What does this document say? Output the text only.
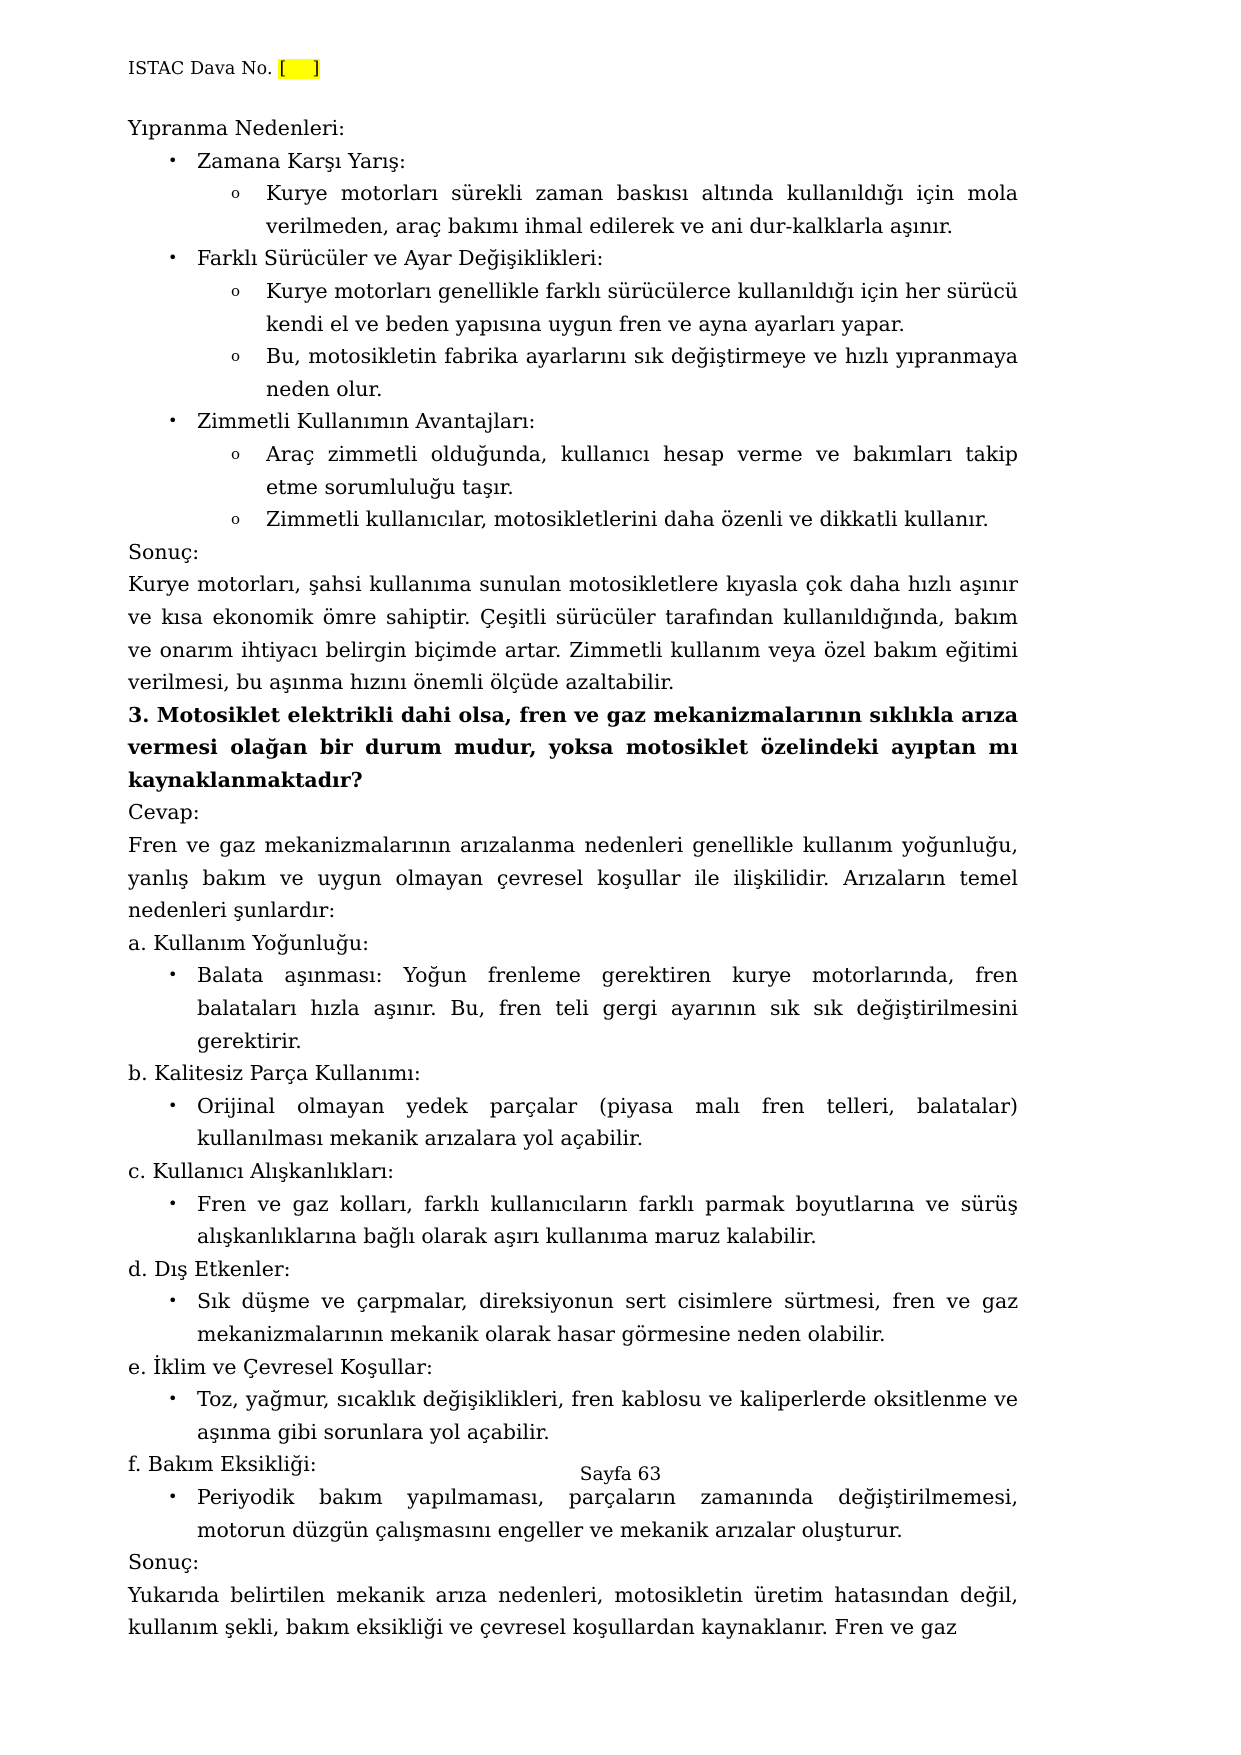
ISTAC Dava No. [ ]

Yıpranma Nedenleri:

• Zamana Karşı Yarış:
o Kurye motorları sürekli zaman baskısı altında kullanıldığı için mola verilmeden, araç bakımı ihmal edilerek ve ani dur-kalklarla aşınır.
• Farklı Sürücüler ve Ayar Değişiklikleri:
o Kurye motorları genellikle farklı sürücülerce kullanıldığı için her sürücü kendi el ve beden yapısına uygun fren ve ayna ayarları yapar.
o Bu, motosikletin fabrika ayarlarını sık değiştirmeye ve hızlı yıpranmaya neden olur.
• Zimmetli Kullanımın Avantajları:
o Araç zimmetli olduğunda, kullanıcı hesap verme ve bakımları takip etme sorumluluğu taşır.
o Zimmetli kullanıcılar, motosikletlerini daha özenli ve dikkatli kullanır.

Sonuç:

Kurye motorları, şahsi kullanıma sunulan motosikletlere kıyasla çok daha hızlı aşınır ve kısa ekonomik ömre sahiptir. Çeşitli sürücüler tarafından kullanıldığında, bakım ve onarım ihtiyacı belirgin biçimde artar. Zimmetli kullanım veya özel bakım eğitimi verilmesi, bu aşınma hızını önemli ölçüde azaltabilir.

3. Motosiklet elektrikli dahi olsa, fren ve gaz mekanizmalarının sıklıkla arıza vermesi olağan bir durum mudur, yoksa motosiklet özelindeki ayıptan mı kaynaklanmaktadır?

Cevap:

Fren ve gaz mekanizmalarının arızalanma nedenleri genellikle kullanım yoğunluğu, yanlış bakım ve uygun olmayan çevresel koşullar ile ilişkilidir. Arızaların temel nedenleri şunlardır:

a. Kullanım Yoğunluğu:

• Balata aşınması: Yoğun frenleme gerektiren kurye motorlarında, fren balataları hızla aşınır. Bu, fren teli gergi ayarının sık sık değiştirilmesini gerektirir.

b. Kalitesiz Parça Kullanımı:

• Orijinal olmayan yedek parçalar (piyasa malı fren telleri, balatalar) kullanılması mekanik arızalara yol açabilir.

c. Kullanıcı Alışkanlıkları:

• Fren ve gaz kolları, farklı kullanıcıların farklı parmak boyutlarına ve sürüş alışkanlıklarına bağlı olarak aşırı kullanıma maruz kalabilir.

d. Dış Etkenler:

• Sık düşme ve çarpmalar, direksiyonun sert cisimlere sürtmesi, fren ve gaz mekanizmalarının mekanik olarak hasar görmesine neden olabilir.

e. İklim ve Çevresel Koşullar:

• Toz, yağmur, sıcaklık değişiklikleri, fren kablosu ve kaliperlerde oksitlenme ve aşınma gibi sorunlara yol açabilir.

f. Bakım Eksikliği:

• Periyodik bakım yapılmaması, parçaların zamanında değiştirilmemesi, motorun düzgün çalışmasını engeller ve mekanik arızalar oluşturur.

Sonuç:

Yukarıda belirtilen mekanik arıza nedenleri, motosikletin üretim hatasından değil, kullanım şekli, bakım eksikliği ve çevresel koşullardan kaynaklanır. Fren ve gaz

Sayfa 63
